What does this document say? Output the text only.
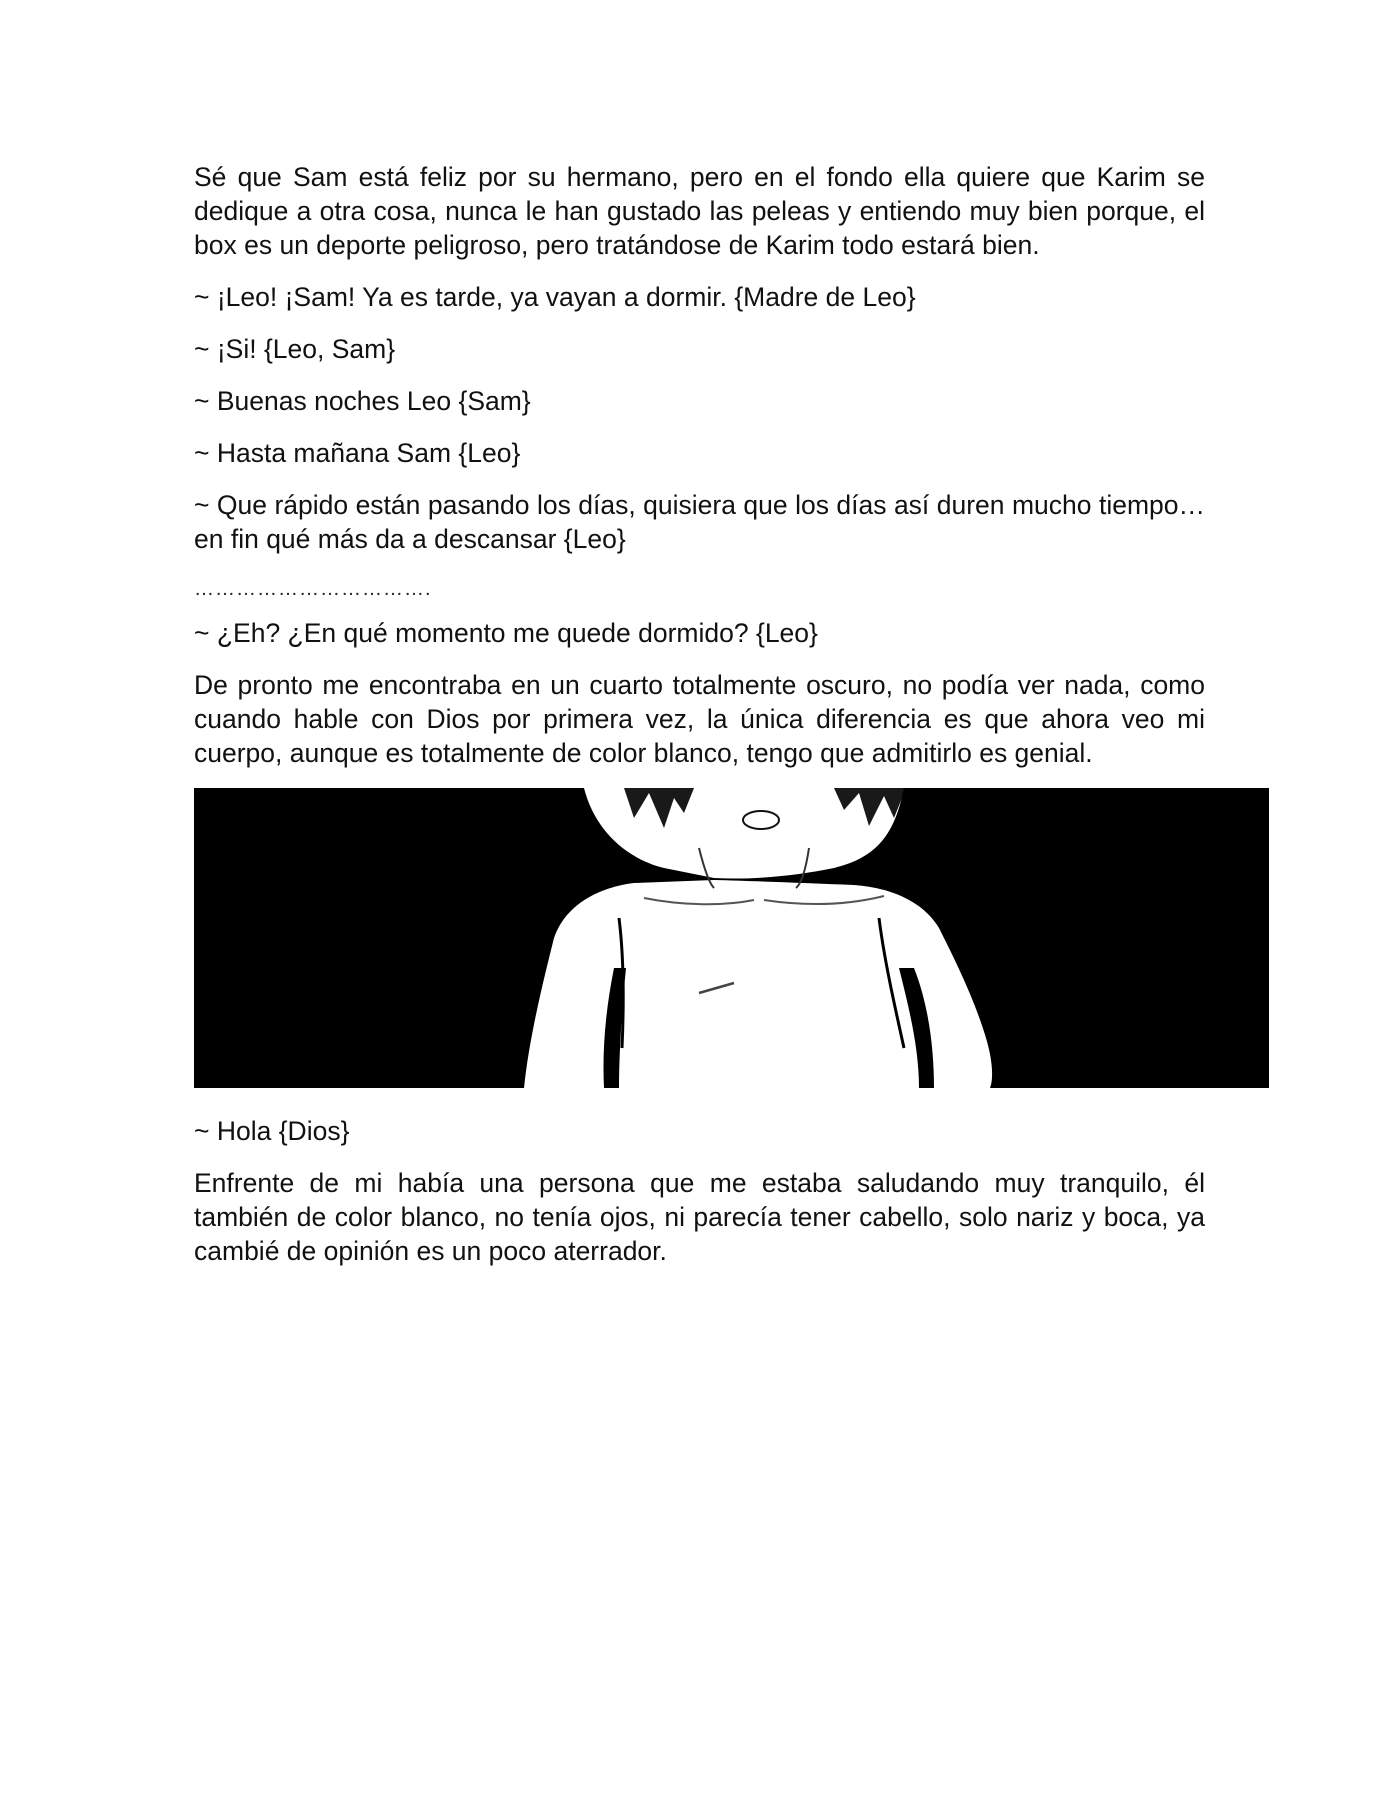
Sé que Sam está feliz por su hermano, pero en el fondo ella quiere que Karim se dedique a otra cosa, nunca le han gustado las peleas y entiendo muy bien porque, el box es un deporte peligroso, pero tratándose de Karim todo estará bien.

~ ¡Leo! ¡Sam! Ya es tarde, ya vayan a dormir. {Madre de Leo}

~ ¡Si! {Leo, Sam}

~ Buenas noches Leo {Sam}

~ Hasta mañana Sam {Leo}

~ Que rápido están pasando los días, quisiera que los días así duren mucho tiempo… en fin qué más da a descansar {Leo}

…………………………….

~ ¿Eh? ¿En qué momento me quede dormido? {Leo}

De pronto me encontraba en un cuarto totalmente oscuro, no podía ver nada, como cuando hable con Dios por primera vez, la única diferencia es que ahora veo mi cuerpo, aunque es totalmente de color blanco, tengo que admitirlo es genial.

~ Hola {Dios}

Enfrente de mi había una persona que me estaba saludando muy tranquilo, él también de color blanco, no tenía ojos, ni parecía tener cabello, solo nariz y boca, ya cambié de opinión es un poco aterrador.
